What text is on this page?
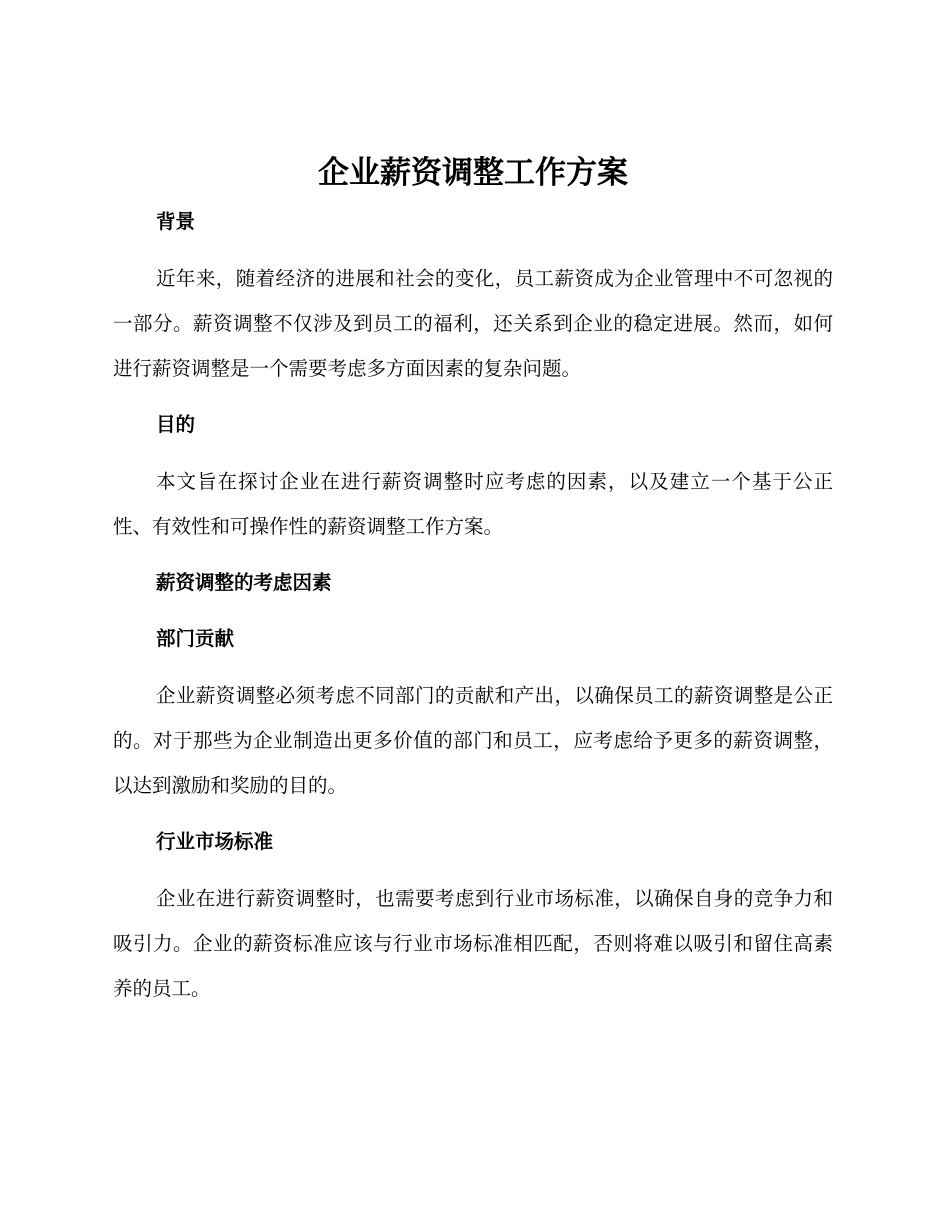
企业薪资调整工作方案
背景

近年来，随着经济的进展和社会的变化，员工薪资成为企业管理中不可忽视的一部分。薪资调整不仅涉及到员工的福利，还关系到企业的稳定进展。然而，如何进行薪资调整是一个需要考虑多方面因素的复杂问题。

目的

本文旨在探讨企业在进行薪资调整时应考虑的因素，以及建立一个基于公正性、有效性和可操作性的薪资调整工作方案。

薪资调整的考虑因素
部门贡献

企业薪资调整必须考虑不同部门的贡献和产出，以确保员工的薪资调整是公正的。对于那些为企业制造出更多价值的部门和员工，应考虑给予更多的薪资调整，以达到激励和奖励的目的。

行业市场标准

企业在进行薪资调整时，也需要考虑到行业市场标准，以确保自身的竞争力和吸引力。企业的薪资标准应该与行业市场标准相匹配，否则将难以吸引和留住高素养的员工。
